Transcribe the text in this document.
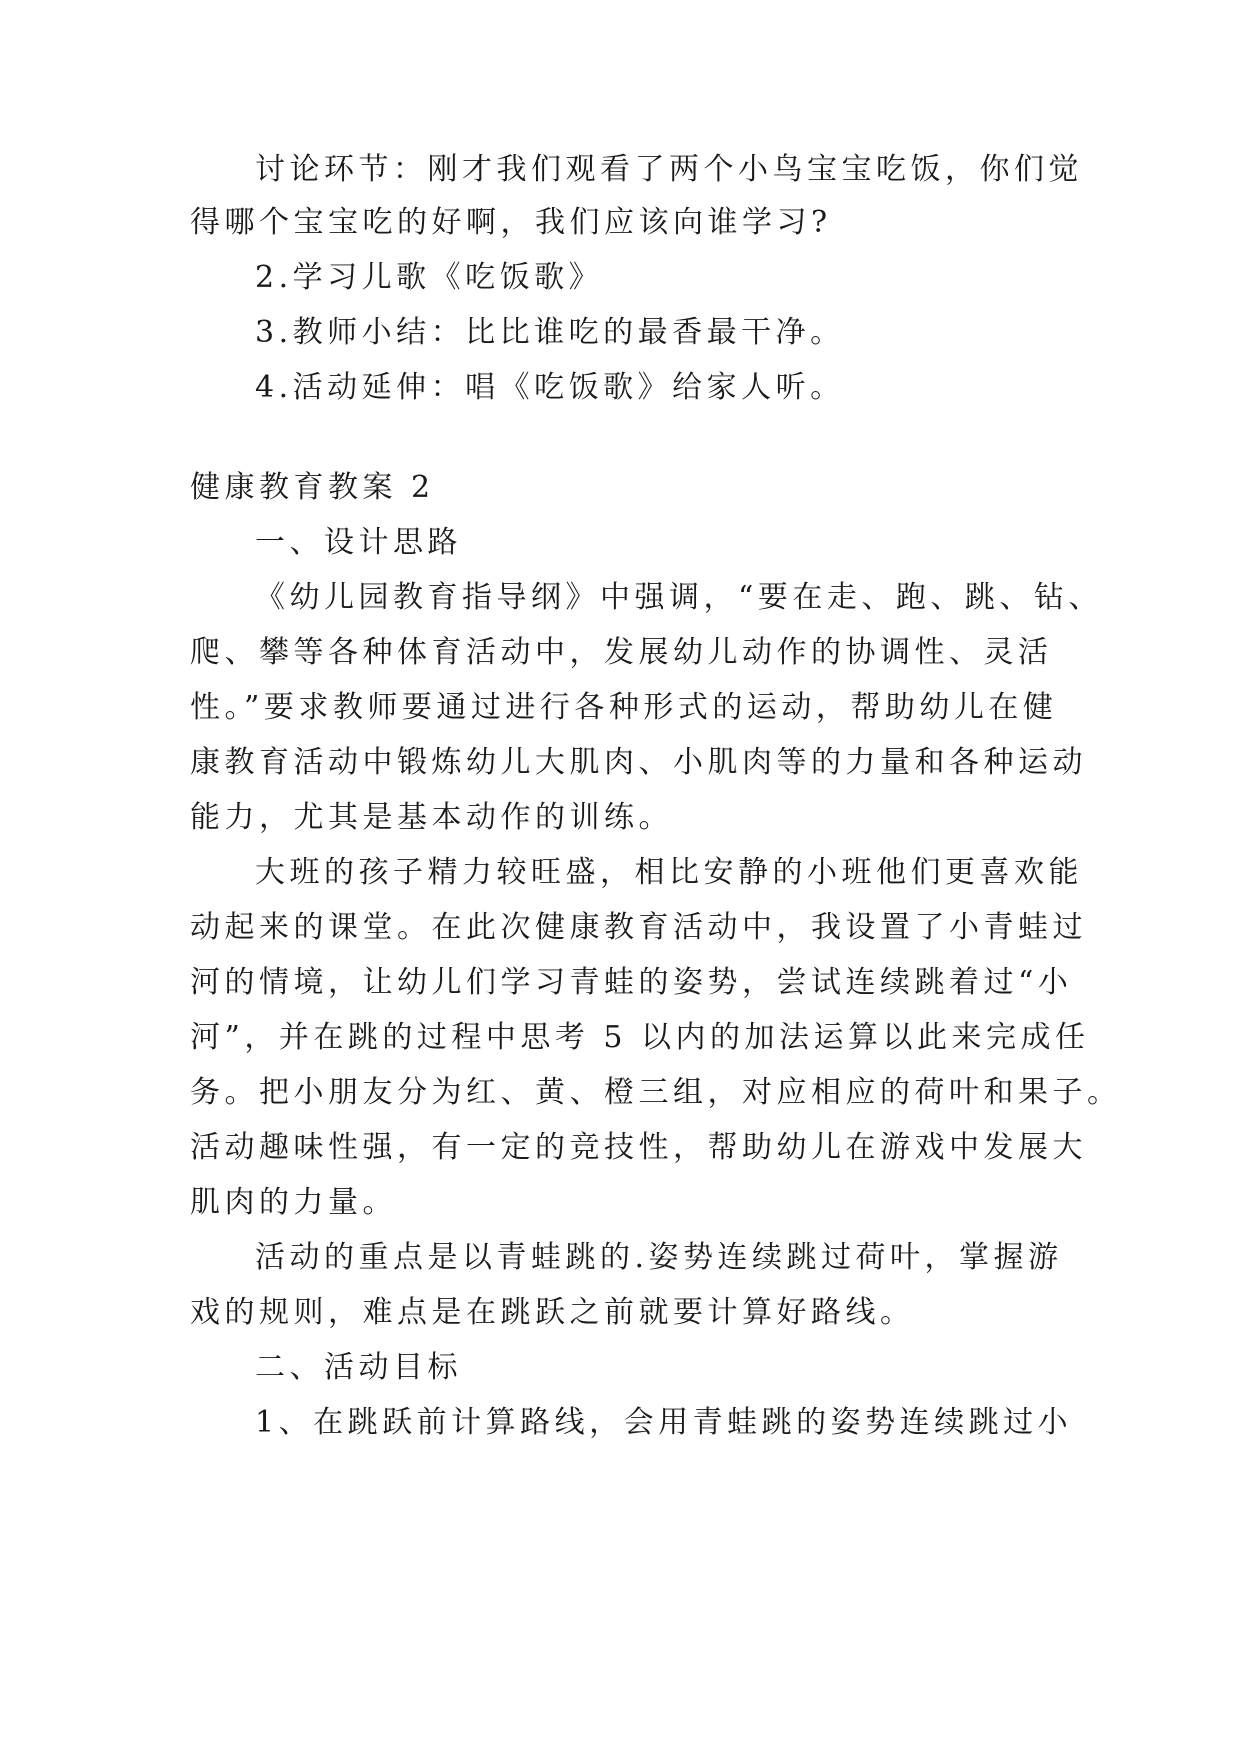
讨论环节：刚才我们观看了两个小鸟宝宝吃饭，你们觉
得哪个宝宝吃的好啊，我们应该向谁学习?
2.学习儿歌《吃饭歌》
3.教师小结：比比谁吃的最香最干净。
4.活动延伸：唱《吃饭歌》给家人听。
健康教育教案 2
一、设计思路
《幼儿园教育指导纲》中强调，“要在走、跑、跳、钻、
爬、攀等各种体育活动中，发展幼儿动作的协调性、灵活
性。”要求教师要通过进行各种形式的运动，帮助幼儿在健
康教育活动中锻炼幼儿大肌肉、小肌肉等的力量和各种运动
能力，尤其是基本动作的训练。
大班的孩子精力较旺盛，相比安静的小班他们更喜欢能
动起来的课堂。在此次健康教育活动中，我设置了小青蛙过
河的情境，让幼儿们学习青蛙的姿势，尝试连续跳着过“小
河”，并在跳的过程中思考 5 以内的加法运算以此来完成任
务。把小朋友分为红、黄、橙三组，对应相应的荷叶和果子。
活动趣味性强，有一定的竞技性，帮助幼儿在游戏中发展大
肌肉的力量。
活动的重点是以青蛙跳的.姿势连续跳过荷叶，掌握游
戏的规则，难点是在跳跃之前就要计算好路线。
二、活动目标
1、在跳跃前计算路线，会用青蛙跳的姿势连续跳过小
